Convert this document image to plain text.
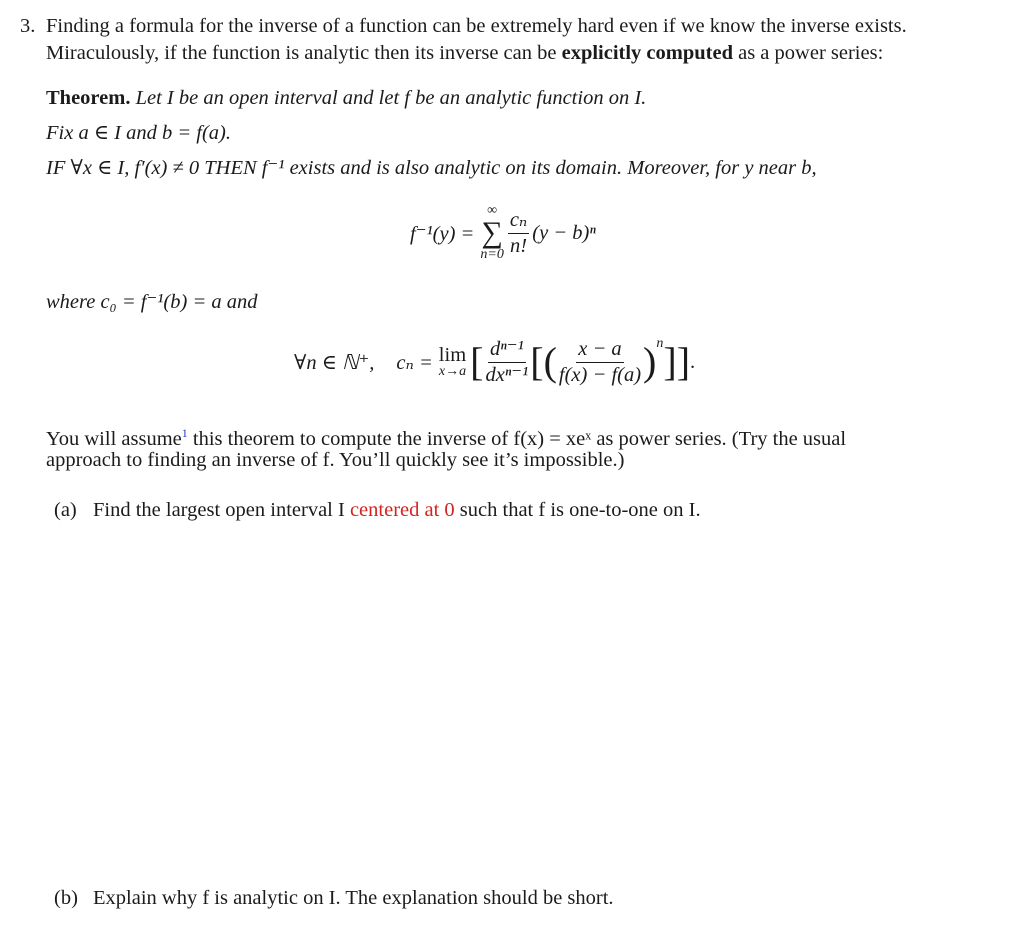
3. Finding a formula for the inverse of a function can be extremely hard even if we know the inverse exists.
Miraculously, if the function is analytic then its inverse can be explicitly computed as a power series:
Theorem. Let I be an open interval and let f be an analytic function on I.
Fix a ∈ I and b = f(a).
IF ∀x ∈ I, f′(x) ≠ 0 THEN f⁻¹ exists and is also analytic on its domain. Moreover, for y near b,
f⁻¹(y) =
∞
∑
$n=0 \frac{\text{cₙ}}{n!} (y - b)^n$
where c₀ = f⁻¹(b) = a and
∀n ∈ ℕ⁺, cₙ = lim
x→a [ $\frac{\text{dⁿ⁻¹}}{\text{dxⁿ⁻¹}}$ [ ( $\frac{x - a}{f(x) - f(a)}$ ) n ]] .
You will assume$^1$ this theorem to compute the inverse of f(x) = xeˣ as power series. (Try the usual
approach to finding an inverse of f. You’ll quickly see it’s impossible.)
(a) Find the largest open interval I centered at 0 such that f is one-to-one on I.
(b) Explain why f is analytic on I. The explanation should be short.
